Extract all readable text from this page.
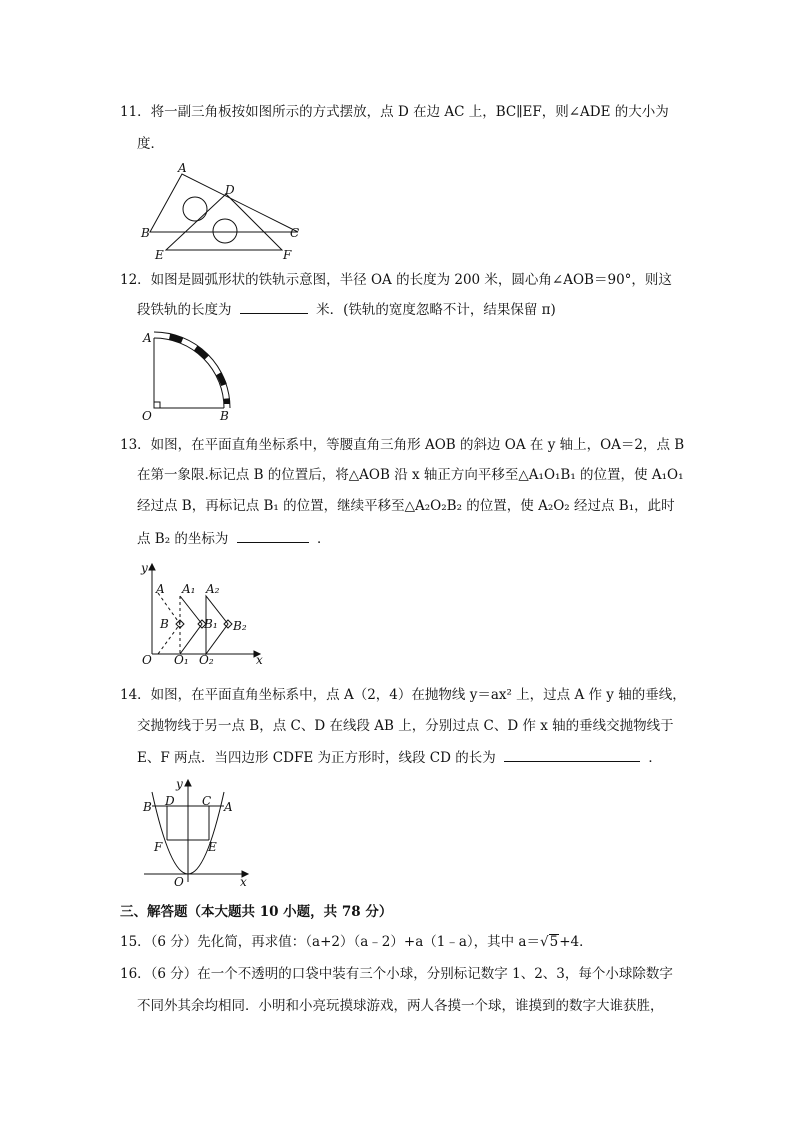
11．将一副三角板按如图所示的方式摆放，点 D 在边 AC 上，BC∥EF，则∠ADE 的大小为
度．
A
D
B	C
E	F
12．如图是圆弧形状的铁轨示意图，半径 OA 的长度为 200 米，圆心角∠AOB＝90°，则这
段铁轨的长度为	米．(铁轨的宽度忽略不计，结果保留 π)
A
O	B
13．如图，在平面直角坐标系中，等腰直角三角形 AOB 的斜边 OA 在 y 轴上，OA＝2，点 B
在第一象限.标记点 B 的位置后，将△AOB 沿 x 轴正方向平移至△A₁O₁B₁ 的位置，使 A₁O₁
经过点 B，再标记点 B₁ 的位置，继续平移至△A₂O₂B₂ 的位置，使 A₂O₂ 经过点 B₁，此时
点 B₂ 的坐标为	．
y
x
A
B
O
A₁
B₁
O₁
A₂
B₂
O₂
14．如图，在平面直角坐标系中，点 A（2，4）在抛物线 y＝ax² 上，过点 A 作 y 轴的垂线，
交抛物线于另一点 B，点 C、D 在线段 AB 上，分别过点 C、D 作 x 轴的垂线交抛物线于
E、F 两点．当四边形 CDFE 为正方形时，线段 CD 的长为	．
y
x
B D C A
F	E
O
三、解答题（本大题共 10 小题，共 78 分）
15．（6 分）先化简，再求值：（a+2）（a﹣2）+a（1﹣a），其中 a＝√5+4．
16．（6 分）在一个不透明的口袋中装有三个小球，分别标记数字 1、2、3，每个小球除数字
不同外其余均相同．小明和小亮玩摸球游戏，两人各摸一个球，谁摸到的数字大谁获胜，
